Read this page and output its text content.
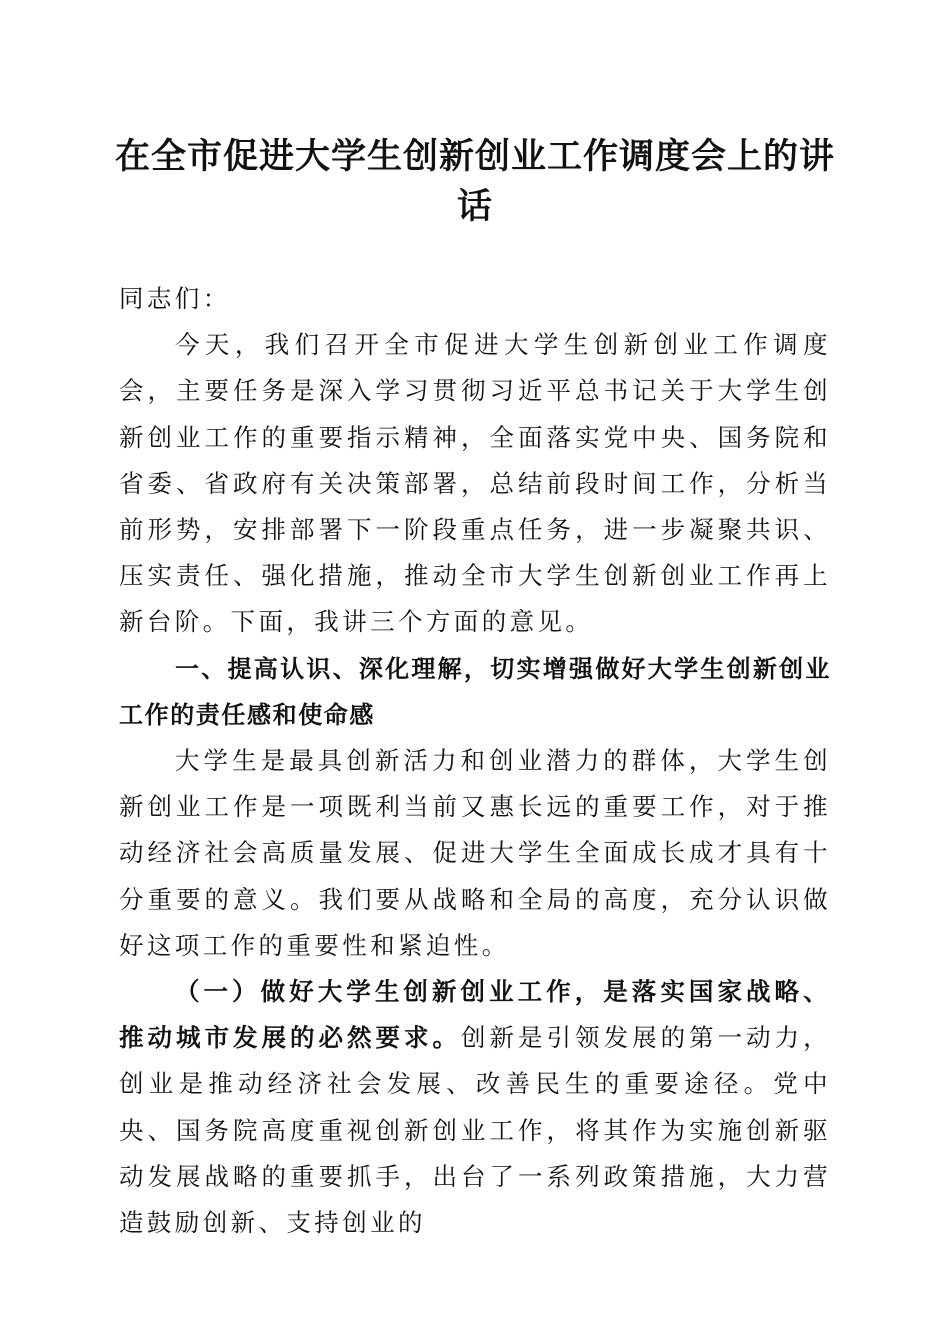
在全市促进大学生创新创业工作调度会上的讲话

同志们：

今天，我们召开全市促进大学生创新创业工作调度会，主要任务是深入学习贯彻习近平总书记关于大学生创新创业工作的重要指示精神，全面落实党中央、国务院和省委、省政府有关决策部署，总结前段时间工作，分析当前形势，安排部署下一阶段重点任务，进一步凝聚共识、压实责任、强化措施，推动全市大学生创新创业工作再上新台阶。下面，我讲三个方面的意见。

一、提高认识、深化理解，切实增强做好大学生创新创业工作的责任感和使命感

大学生是最具创新活力和创业潜力的群体，大学生创新创业工作是一项既利当前又惠长远的重要工作，对于推动经济社会高质量发展、促进大学生全面成长成才具有十分重要的意义。我们要从战略和全局的高度，充分认识做好这项工作的重要性和紧迫性。

（一）做好大学生创新创业工作，是落实国家战略、推动城市发展的必然要求。创新是引领发展的第一动力，创业是推动经济社会发展、改善民生的重要途径。党中央、国务院高度重视创新创业工作，将其作为实施创新驱动发展战略的重要抓手，出台了一系列政策措施，大力营造鼓励创新、支持创业的
